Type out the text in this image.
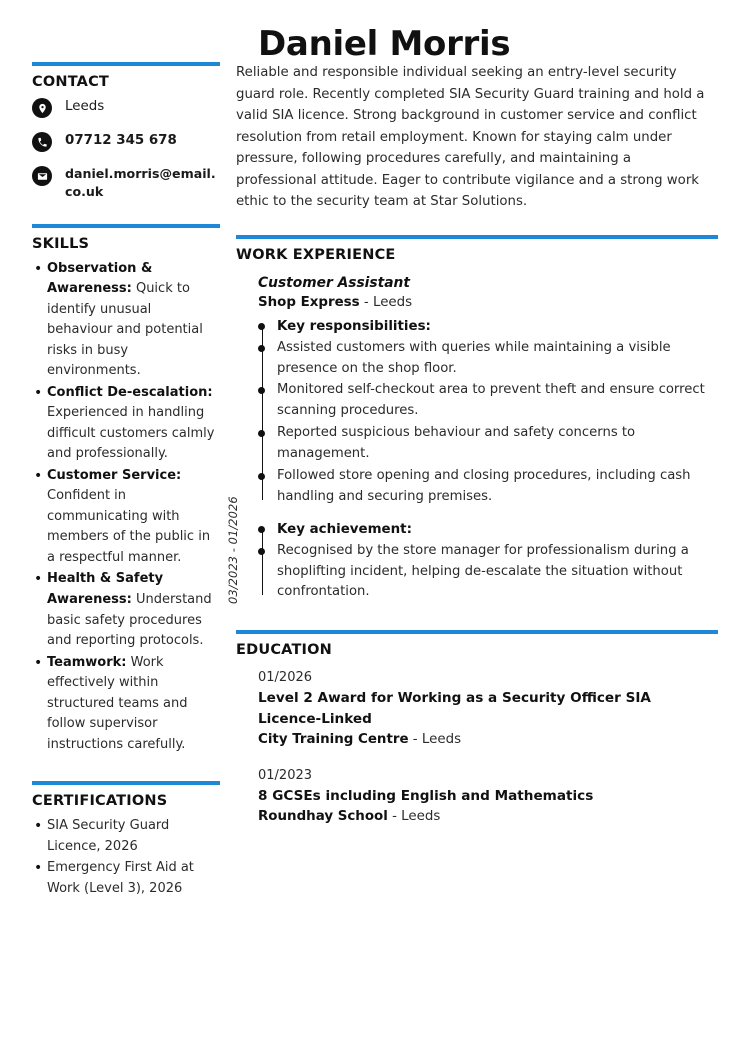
Daniel Morris
CONTACT
Leeds
07712 345 678
daniel.morris@email.co.uk
SKILLS
• Observation & Awareness: Quick to identify unusual behaviour and potential risks in busy environments.
• Conflict De-escalation: Experienced in handling difficult customers calmly and professionally.
• Customer Service: Confident in communicating with members of the public in a respectful manner.
• Health & Safety Awareness: Understand basic safety procedures and reporting protocols.
• Teamwork: Work effectively within structured teams and follow supervisor instructions carefully.
CERTIFICATIONS
• SIA Security Guard Licence, 2026
• Emergency First Aid at Work (Level 3), 2026
Reliable and responsible individual seeking an entry-level security guard role. Recently completed SIA Security Guard training and hold a valid SIA licence. Strong background in customer service and conflict resolution from retail employment. Known for staying calm under pressure, following procedures carefully, and maintaining a professional attitude. Eager to contribute vigilance and a strong work ethic to the security team at Star Solutions.
WORK EXPERIENCE
03/2023 - 01/2026
Customer Assistant
Shop Express - Leeds
Key responsibilities:
Assisted customers with queries while maintaining a visible presence on the shop floor.
Monitored self-checkout area to prevent theft and ensure correct scanning procedures.
Reported suspicious behaviour and safety concerns to management.
Followed store opening and closing procedures, including cash handling and securing premises.
Key achievement:
Recognised by the store manager for professionalism during a shoplifting incident, helping de-escalate the situation without confrontation.
EDUCATION
01/2026
Level 2 Award for Working as a Security Officer SIA Licence-Linked
City Training Centre - Leeds
01/2023
8 GCSEs including English and Mathematics
Roundhay School - Leeds
